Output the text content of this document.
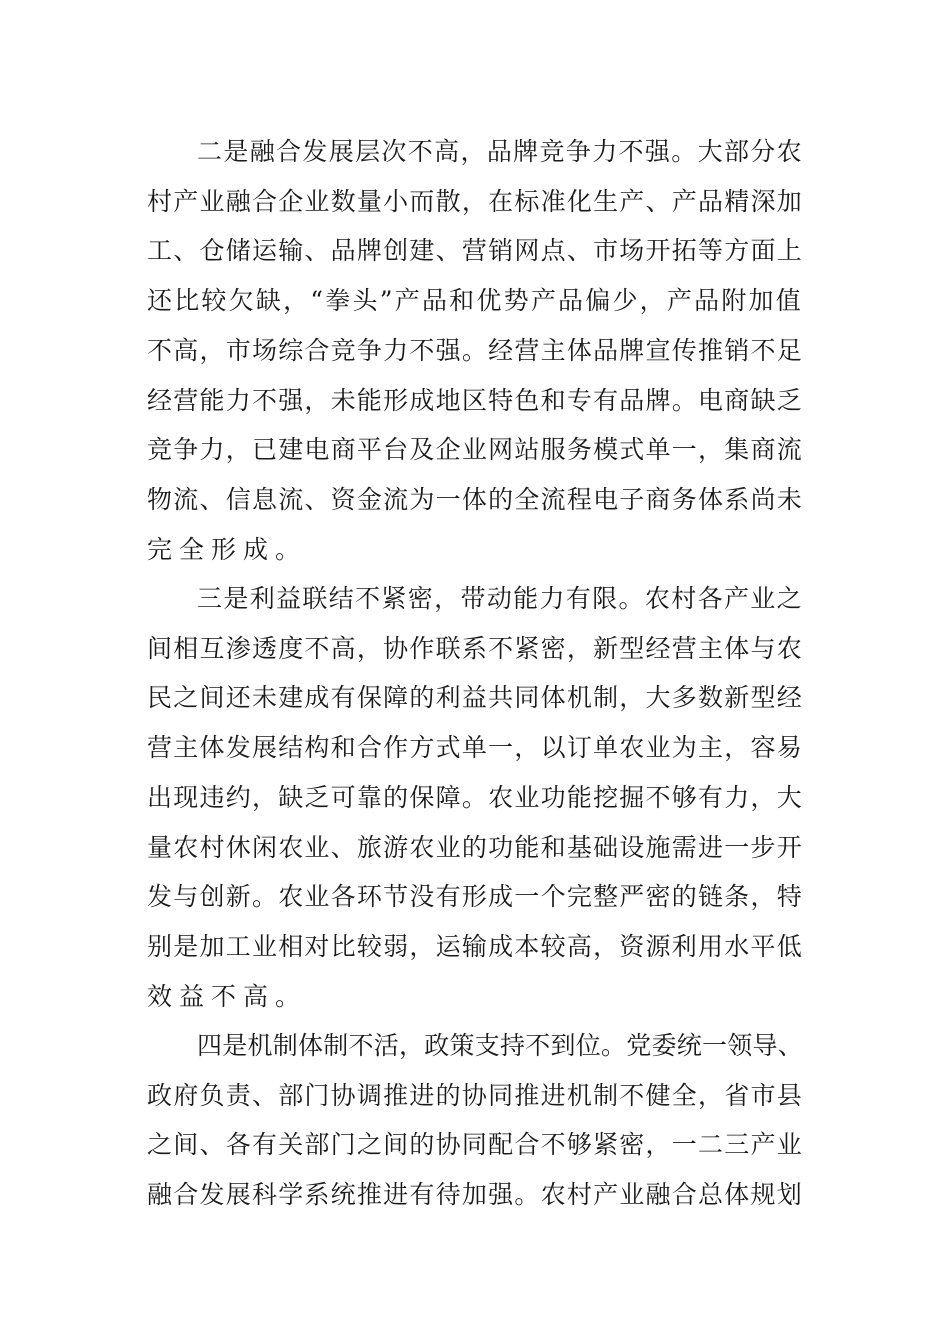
二是融合发展层次不高，品牌竞争力不强。大部分农

村产业融合企业数量小而散，在标准化生产、产品精深加

工、仓储运输、品牌创建、营销网点、市场开拓等方面上

还比较欠缺，“拳头”产品和优势产品偏少，产品附加值

不高，市场综合竞争力不强。经营主体品牌宣传推销不足

经营能力不强，未能形成地区特色和专有品牌。电商缺乏

竞争力，已建电商平台及企业网站服务模式单一，集商流

物流、信息流、资金流为一体的全流程电子商务体系尚未

完全形成。

三是利益联结不紧密，带动能力有限。农村各产业之

间相互渗透度不高，协作联系不紧密，新型经营主体与农

民之间还未建成有保障的利益共同体机制，大多数新型经

营主体发展结构和合作方式单一，以订单农业为主，容易

出现违约，缺乏可靠的保障。农业功能挖掘不够有力，大

量农村休闲农业、旅游农业的功能和基础设施需进一步开

发与创新。农业各环节没有形成一个完整严密的链条，特

别是加工业相对比较弱，运输成本较高，资源利用水平低

效益不高。

四是机制体制不活，政策支持不到位。党委统一领导、

政府负责、部门协调推进的协同推进机制不健全，省市县

之间、各有关部门之间的协同配合不够紧密，一二三产业

融合发展科学系统推进有待加强。农村产业融合总体规划
